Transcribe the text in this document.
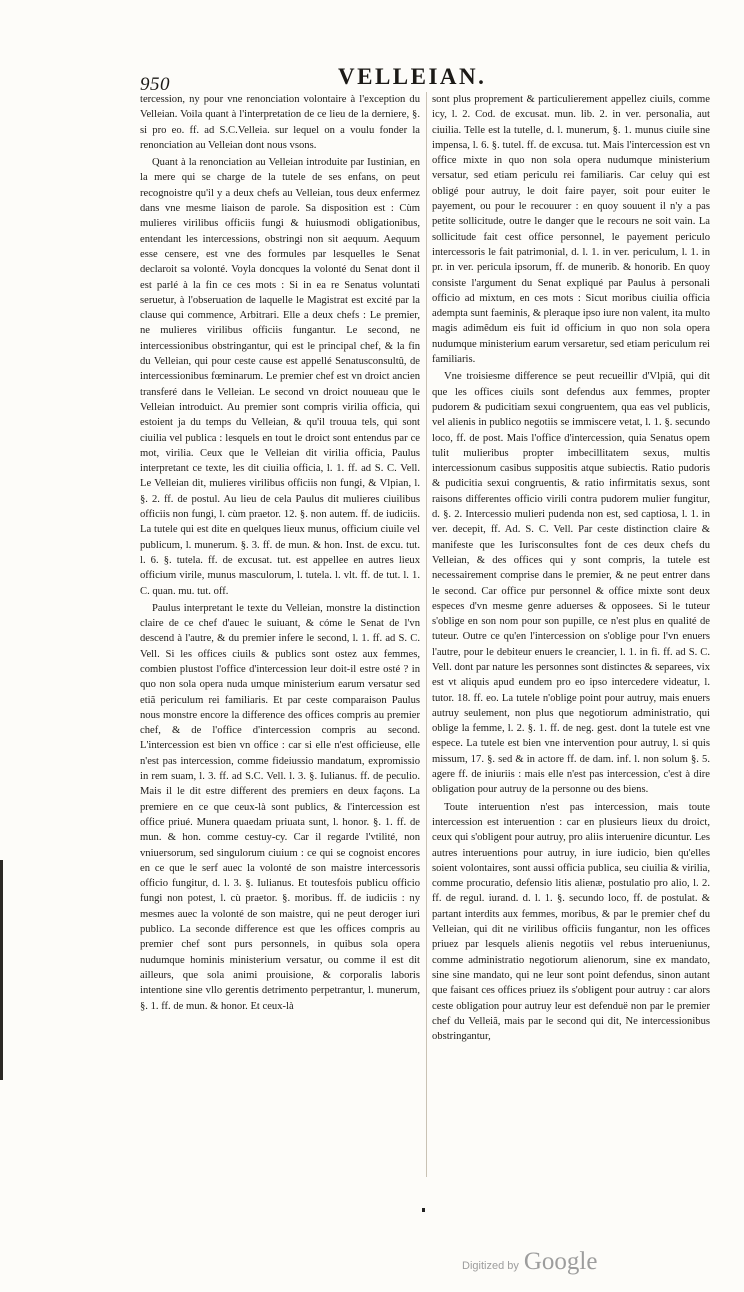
950	VELLEIAN.

tercession, ny pour vne renonciation volontaire à l'exception du Velleian. Voila quant à l'interpretation de ce lieu de la derniere, §. si pro eo. ff. ad S.C.Velleia. sur lequel on a voulu fonder la renonciation au Velleian dont nous vsons.

Quant à la renonciation au Velleian introduite par Iustinian, en la mere qui se charge de la tutele de ses enfans, on peut recognoistre qu'il y a deux chefs au Velleian, tous deux enfermez dans vne mesme liaison de parole. Sa disposition est : Cùm mulieres virilibus officiis fungi & huiusmodi obligationibus, entendant les intercessions, obstringi non sit aequum. Aequum esse censere, est vne des formules par lesquelles le Senat declaroit sa volonté. Voyla doncques la volonté du Senat dont il est parlé à la fin ce ces mots : Si in ea re Senatus voluntati seruetur, à l'obseruation de laquelle le Magistrat est excité par la clause qui commence, Arbitrari. Elle a deux chefs : Le premier, ne mulieres virilibus officiis fungantur. Le second, ne intercessionibus obstringantur, qui est le principal chef, & la fin du Velleian, qui pour ceste cause est appellé Senatusconsultû, de intercessionibus fœminarum. Le premier chef est vn droict ancien transferé dans le Velleian. Le second vn droict nouueau que le Velleian introduict. Au premier sont compris virilia officia, qui estoient ja du temps du Velleian, & qu'il trouua tels, qui sont ciuilia vel publica : lesquels en tout le droict sont entendus par ce mot, virilia. Ceux que le Velleian dit virilia officia, Paulus interpretant ce texte, les dit ciuilia officia, l. 1. ff. ad S. C. Vell. Le Velleian dit, mulieres virilibus officiis non fungi, & Vlpian, l. §. 2. ff. de postul. Au lieu de cela Paulus dit mulieres ciuilibus officiis non fungi, l. cùm praetor. 12. §. non autem. ff. de iudiciis. La tutele qui est dite en quelques lieux munus, officium ciuile vel publicum, l. munerum. §. 3. ff. de mun. & hon. Inst. de excu. tut. l. 6. §. tutela. ff. de excusat. tut. est appellee en autres lieux officium virile, munus masculorum, l. tutela. l. vlt. ff. de tut. l. 1. C. quan. mu. tut. off.

Paulus interpretant le texte du Velleian, monstre la distinction claire de ce chef d'auec le suiuant, & cóme le Senat de l'vn descend à l'autre, & du premier infere le second, l. 1. ff. ad S. C. Vell. Si les offices ciuils & publics sont ostez aux femmes, combien plustost l'office d'intercession leur doit-il estre osté ? in quo non sola opera nuda umque ministerium earum versatur sed etiã periculum rei familiaris. Et par ceste comparaison Paulus nous monstre encore la difference des offices compris au premier chef, & de l'office d'intercession compris au second. L'intercession est bien vn office : car si elle n'est officieuse, elle n'est pas intercession, comme fideiussio mandatum, expromissio in rem suam, l. 3. ff. ad S.C. Vell. l. 3. §. Iulianus. ff. de peculio. Mais il le dit estre different des premiers en deux façons. La premiere en ce que ceux-là sont publics, & l'intercession est office priué. Munera quaedam priuata sunt, l. honor. §. 1. ff. de mun. & hon. comme cestuy-cy. Car il regarde l'vtilité, non vniuersorum, sed singulorum ciuium : ce qui se cognoist encores en ce que le serf auec la volonté de son maistre intercessoris officio fungitur, d. l. 3. §. Iulianus. Et toutesfois publicu officio fungi non potest, l. cù praetor. §. moribus. ff. de iudiciis : ny mesmes auec la volonté de son maistre, qui ne peut deroger iuri publico. La seconde difference est que les offices compris au premier chef sont purs personnels, in quibus sola opera nudumque hominis ministerium versatur, ou comme il est dit ailleurs, que sola animi prouisione, & corporalis laboris intentione sine vllo gerentis detrimento perpetrantur, l. munerum, §. 1. ff. de mun. & honor. Et ceux-là

sont plus proprement & particulierement appellez ciuils, comme icy, l. 2. Cod. de excusat. mun. lib. 2. in ver. personalia, aut ciuilia. Telle est la tutelle, d. l. munerum, §. 1. munus ciuile sine impensa, l. 6. §. tutel. ff. de excusa. tut. Mais l'intercession est vn office mixte in quo non sola opera nudumque ministerium versatur, sed etiam periculu rei familiaris. Car celuy qui est obligé pour autruy, le doit faire payer, soit pour euiter le payement, ou pour le recouurer : en quoy souuent il n'y a pas petite sollicitude, outre le danger que le recours ne soit vain. La sollicitude fait cest office personnel, le payement periculo intercessoris le fait patrimonial, d. l. 1. in ver. periculum, l. 1. in pr. in ver. pericula ipsorum, ff. de munerib. & honorib. En quoy consiste l'argument du Senat expliqué par Paulus à personali officio ad mixtum, en ces mots : Sicut moribus ciuilia officia adempta sunt faeminis, & pleraque ipso iure non valent, ita multo magis adimẽdum eis fuit id officium in quo non sola opera nudumque ministerium earum versaretur, sed etiam periculum rei familiaris.

Vne troisiesme difference se peut recueillir d'Vlpiã, qui dit que les offices ciuils sont defendus aux femmes, propter pudorem & pudicitiam sexui congruentem, qua eas vel publicis, vel alienis in publico negotiis se immiscere vetat, l. 1. §. secundo loco, ff. de post. Mais l'office d'intercession, quia Senatus opem tulit mulieribus propter imbecillitatem sexus, multis intercessionum casibus suppositis atque subiectis. Ratio pudoris & pudicitia sexui congruentis, & ratio infirmitatis sexus, sont raisons differentes officio virili contra pudorem mulier fungitur, d. §. 2. Intercessio mulieri pudenda non est, sed captiosa, l. 1. in ver. decepit, ff. Ad. S. C. Vell. Par ceste distinction claire & manifeste que les Iurisconsultes font de ces deux chefs du Velleian, & des offices qui y sont compris, la tutele est necessairement comprise dans le premier, & ne peut entrer dans le second. Car office pur personnel & office mixte sont deux especes d'vn mesme genre aduerses & opposees. Si le tuteur s'oblige en son nom pour son pupille, ce n'est plus en qualité de tuteur. Outre ce qu'en l'intercession on s'oblige pour l'vn enuers l'autre, pour le debiteur enuers le creancier, l. 1. in fi. ff. ad S. C. Vell. dont par nature les personnes sont distinctes & separees, vix est vt aliquis apud eundem pro eo ipso intercedere videatur, l. tutor. 18. ff. eo. La tutele n'oblige point pour autruy, mais enuers autruy seulement, non plus que negotiorum administratio, qui oblige la femme, l. 2. §. 1. ff. de neg. gest. dont la tutele est vne espece. La tutele est bien vne intervention pour autruy, l. si quis missum, 17. §. sed & in actore ff. de dam. inf. l. non solum §. 5. agere ff. de iniuriis : mais elle n'est pas intercession, c'est à dire obligation pour autruy de la personne ou des biens.

Toute interuention n'est pas intercession, mais toute intercession est interuention : car en plusieurs lieux du droict, ceux qui s'obligent pour autruy, pro aliis interuenire dicuntur. Les autres interuentions pour autruy, in iure iudicio, bien qu'elles soient volontaires, sont aussi officia publica, seu ciuilia & virilia, comme procuratio, defensio litis alienæ, postulatio pro alio, l. 2. ff. de regul. iurand. d. l. 1. §. secundo loco, ff. de postulat. & partant interdits aux femmes, moribus, & par le premier chef du Velleian, qui dit ne virilibus officiis fungantur, non les offices priuez par lesquels alienis negotiis vel rebus interueniunus, comme administratio negotiorum alienorum, sine ex mandato, sine sine mandato, qui ne leur sont point defendus, sinon autant que faisant ces offices priuez ils s'obligent pour autruy : car alors ceste obligation pour autruy leur est defenduë non par le premier chef du Velleiã, mais par le second qui dit, Ne intercessionibus obstringantur,

Digitized by Google
